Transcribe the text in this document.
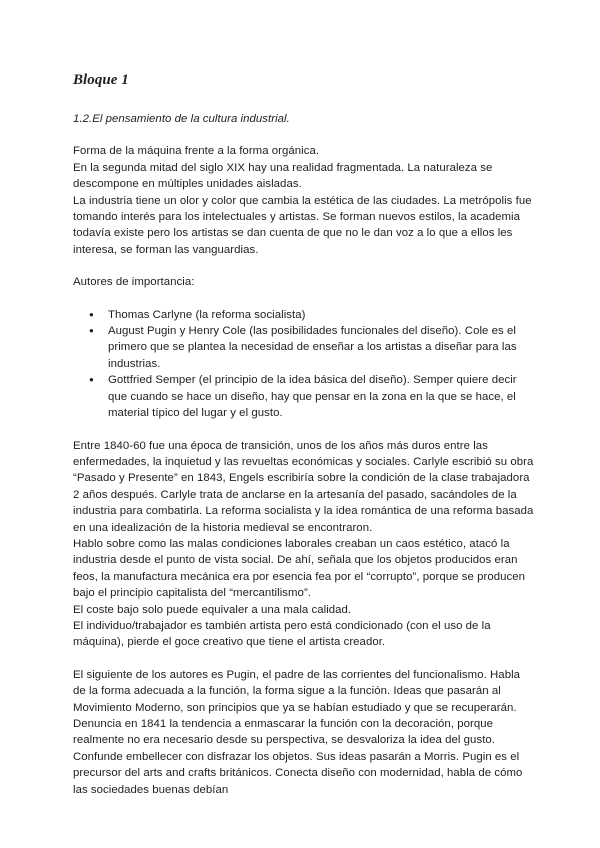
Bloque 1
1.2.El pensamiento de la cultura industrial.
Forma de la máquina frente a la forma orgánica.
En la segunda mitad del siglo XIX hay una realidad fragmentada. La naturaleza se descompone en múltiples unidades aisladas.
La industria tiene un olor y color que cambia la estética de las ciudades. La metrópolis fue tomando interés para los intelectuales y artistas. Se forman nuevos estilos, la academia todavía existe pero los artistas se dan cuenta de que no le dan voz a lo que a ellos les interesa, se forman las vanguardias.
Autores de importancia:
● Thomas Carlyne (la reforma socialista)
● August Pugin y Henry Cole (las posibilidades funcionales del diseño). Cole es el primero que se plantea la necesidad de enseñar a los artistas a diseñar para las industrias.
● Gottfried Semper (el principio de la idea básica del diseño). Semper quiere decir que cuando se hace un diseño, hay que pensar en la zona en la que se hace, el material típico del lugar y el gusto.
Entre 1840-60 fue una época de transición, unos de los años más duros entre las enfermedades, la inquietud y las revueltas económicas y sociales. Carlyle escribió su obra “Pasado y Presente” en 1843, Engels escribiría sobre la condición de la clase trabajadora 2 años después. Carlyle trata de anclarse en la artesanía del pasado, sacándoles de la industria para combatirla. La reforma socialista y la idea romántica de una reforma basada en una idealización de la historia medieval se encontraron.
Hablo sobre como las malas condiciones laborales creaban un caos estético, atacó la industria desde el punto de vista social. De ahí, señala que los objetos producidos eran feos, la manufactura mecánica era por esencia fea por el “corrupto”, porque se producen bajo el principio capitalista del “mercantilismo”.
El coste bajo solo puede equivaler a una mala calidad.
El individuo/trabajador es también artista pero está condicionado (con el uso de la máquina), pierde el goce creativo que tiene el artista creador.
El siguiente de los autores es Pugin, el padre de las corrientes del funcionalismo. Habla de la forma adecuada a la función, la forma sigue a la función. Ideas que pasarán al Movimiento Moderno, son principios que ya se habían estudiado y que se recuperarán. Denuncia en 1841 la tendencia a enmascarar la función con la decoración, porque realmente no era necesario desde su perspectiva, se desvaloriza la idea del gusto. Confunde embellecer con disfrazar los objetos. Sus ideas pasarán a Morris. Pugin es el precursor del arts and crafts británicos. Conecta diseño con modernidad, habla de cómo las sociedades buenas debían
